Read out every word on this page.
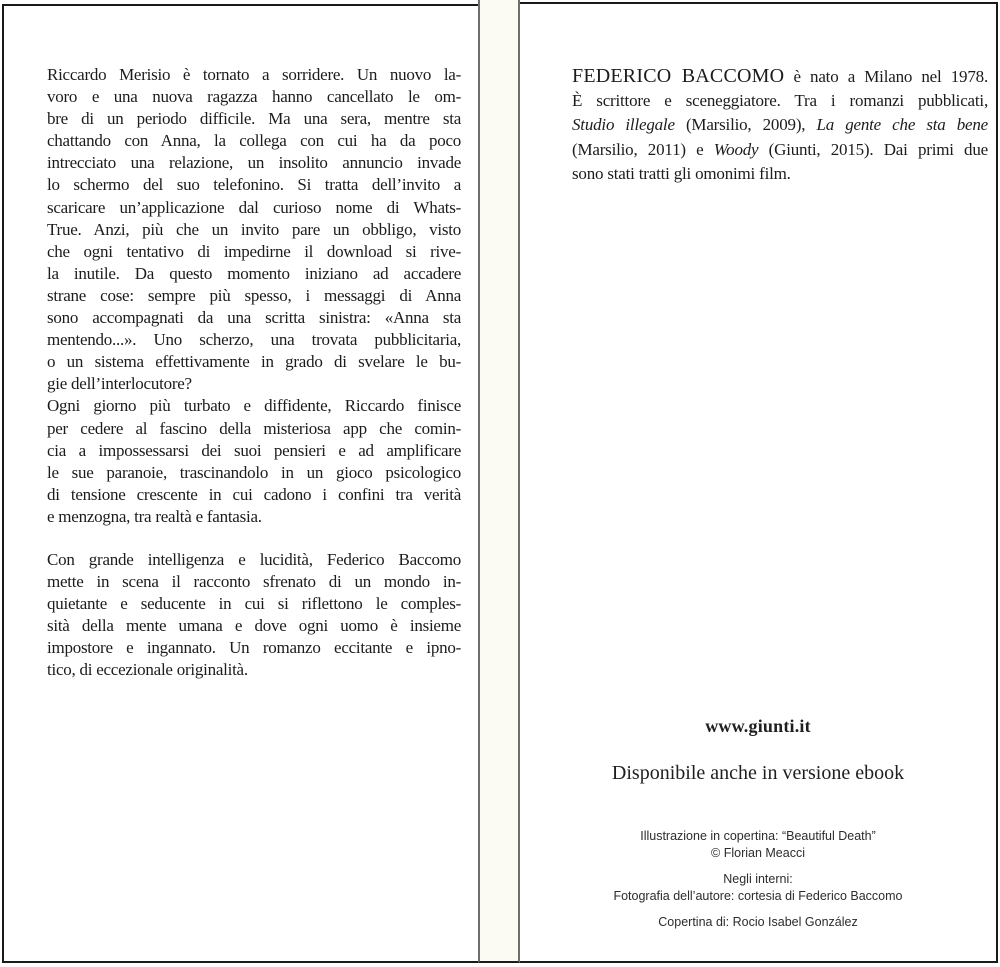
Riccardo Merisio è tornato a sorridere. Un nuovo la-
voro e una nuova ragazza hanno cancellato le om-
bre di un periodo difficile. Ma una sera, mentre sta
chattando con Anna, la collega con cui ha da poco
intrecciato una relazione, un insolito annuncio invade
lo schermo del suo telefonino. Si tratta dell’invito a
scaricare un’applicazione dal curioso nome di Whats-
True. Anzi, più che un invito pare un obbligo, visto
che ogni tentativo di impedirne il download si rive-
la inutile. Da questo momento iniziano ad accadere
strane cose: sempre più spesso, i messaggi di Anna
sono accompagnati da una scritta sinistra: «Anna sta
mentendo...». Uno scherzo, una trovata pubblicitaria,
o un sistema effettivamente in grado di svelare le bu-
gie dell’interlocutore?
Ogni giorno più turbato e diffidente, Riccardo finisce
per cedere al fascino della misteriosa app che comin-
cia a impossessarsi dei suoi pensieri e ad amplificare
le sue paranoie, trascinandolo in un gioco psicologico
di tensione crescente in cui cadono i confini tra verità
e menzogna, tra realtà e fantasia.
Con grande intelligenza e lucidità, Federico Baccomo
mette in scena il racconto sfrenato di un mondo in-
quietante e seducente in cui si riflettono le comples-
sità della mente umana e dove ogni uomo è insieme
impostore e ingannato. Un romanzo eccitante e ipno-
tico, di eccezionale originalità.
FEDERICO BACCOMO è nato a Milano nel 1978.
È scrittore e sceneggiatore. Tra i romanzi pubblicati,
Studio illegale (Marsilio, 2009), La gente che sta bene
(Marsilio, 2011) e Woody (Giunti, 2015). Dai primi due
sono stati tratti gli omonimi film.
www.giunti.it
Disponibile anche in versione ebook
Illustrazione in copertina: “Beautiful Death”
© Florian Meacci
Negli interni:
Fotografia dell’autore: cortesia di Federico Baccomo
Copertina di: Rocio Isabel González
